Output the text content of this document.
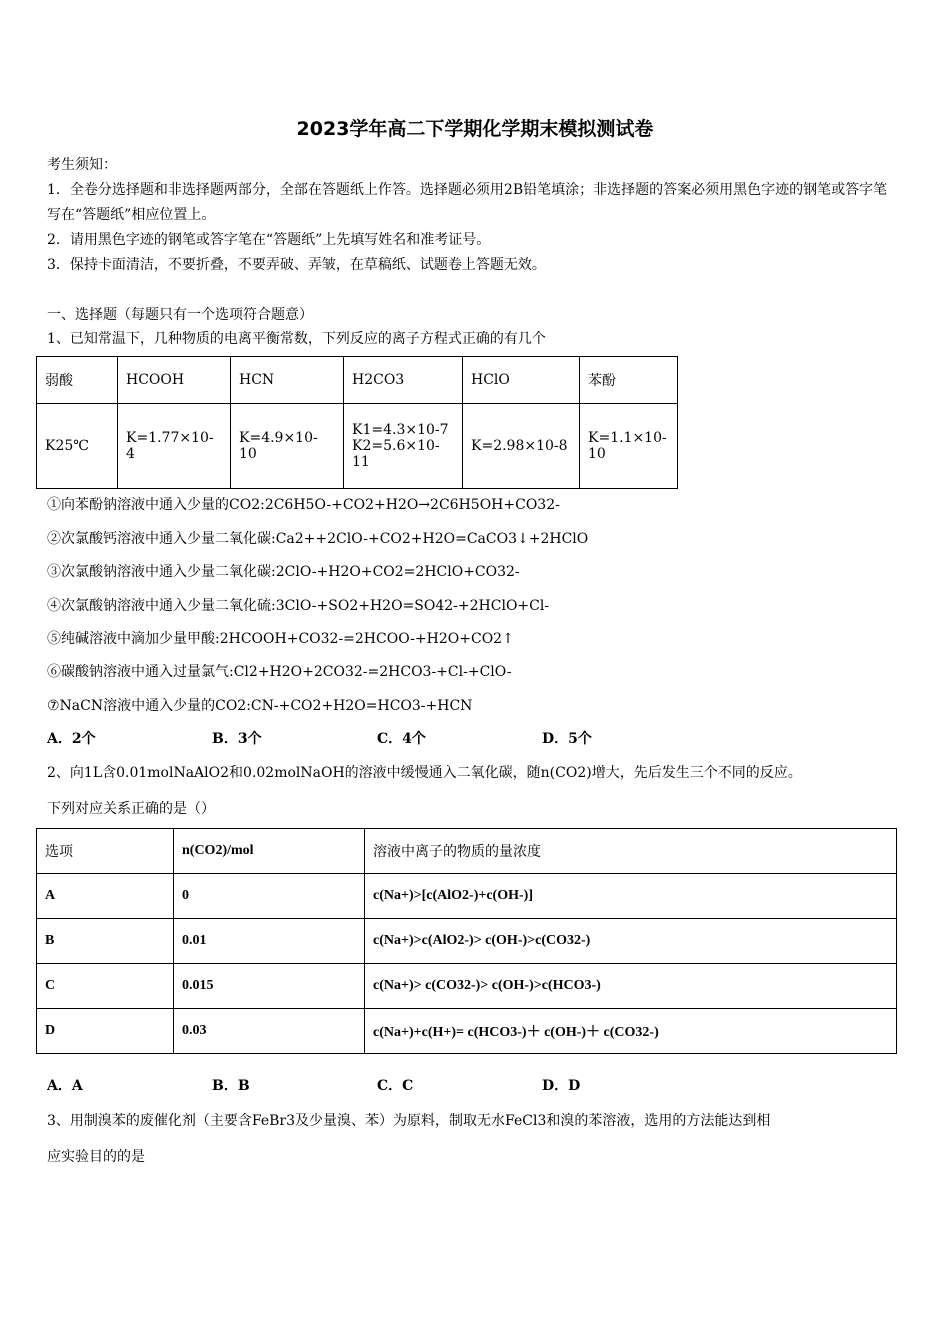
2023学年高二下学期化学期末模拟测试卷
考生须知：
1．全卷分选择题和非选择题两部分，全部在答题纸上作答。选择题必须用2B铅笔填涂；非选择题的答案必须用黑色字迹的钢笔或答字笔写在“答题纸”相应位置上。
2．请用黑色字迹的钢笔或答字笔在“答题纸”上先填写姓名和准考证号。
3．保持卡面清洁，不要折叠，不要弄破、弄皱，在草稿纸、试题卷上答题无效。
一、选择题（每题只有一个选项符合题意）
1、已知常温下，几种物质的电离平衡常数，下列反应的离子方程式正确的有几个
弱酸	HCOOH	HCN	H2CO3	HClO	苯酚
K25℃	K=1.77×10-4	K=4.9×10-10	K1=4.3×10-7 K2=5.6×10-11	K=2.98×10-8	K=1.1×10-10
①向苯酚钠溶液中通入少量的CO2:2C6H5O-+CO2+H2O→2C6H5OH+CO32-
②次氯酸钙溶液中通入少量二氧化碳:Ca2++2ClO-+CO2+H2O=CaCO3↓+2HClO
③次氯酸钠溶液中通入少量二氧化碳:2ClO-+H2O+CO2=2HClO+CO32-
④次氯酸钠溶液中通入少量二氧化硫:3ClO-+SO2+H2O=SO42-+2HClO+Cl-
⑤纯碱溶液中滴加少量甲酸:2HCOOH+CO32-=2HCOO-+H2O+CO2↑
⑥碳酸钠溶液中通入过量氯气:Cl2+H2O+2CO32-=2HCO3-+Cl-+ClO-
⑦NaCN溶液中通入少量的CO2:CN-+CO2+H2O=HCO3-+HCN
A．2个	B．3个	C．4个	D．5个
2、向1L含0.01molNaAlO2和0.02molNaOH的溶液中缓慢通入二氧化碳，随n(CO2)增大，先后发生三个不同的反应。
下列对应关系正确的是（）
选项	n(CO2)/mol	溶液中离子的物质的量浓度
A	0	c(Na+)>[c(AlO2-)+c(OH-)]
B	0.01	c(Na+)>c(AlO2-)> c(OH-)>c(CO32-)
C	0.015	c(Na+)> c(CO32-)> c(OH-)>c(HCO3-)
D	0.03	c(Na+)+c(H+)= c(HCO3-)＋ c(OH-)＋ c(CO32-)
A．A	B．B	C．C	D．D
3、用制溴苯的废催化剂（主要含FeBr3及少量溴、苯）为原料，制取无水FeCl3和溴的苯溶液，选用的方法能达到相
应实验目的的是
